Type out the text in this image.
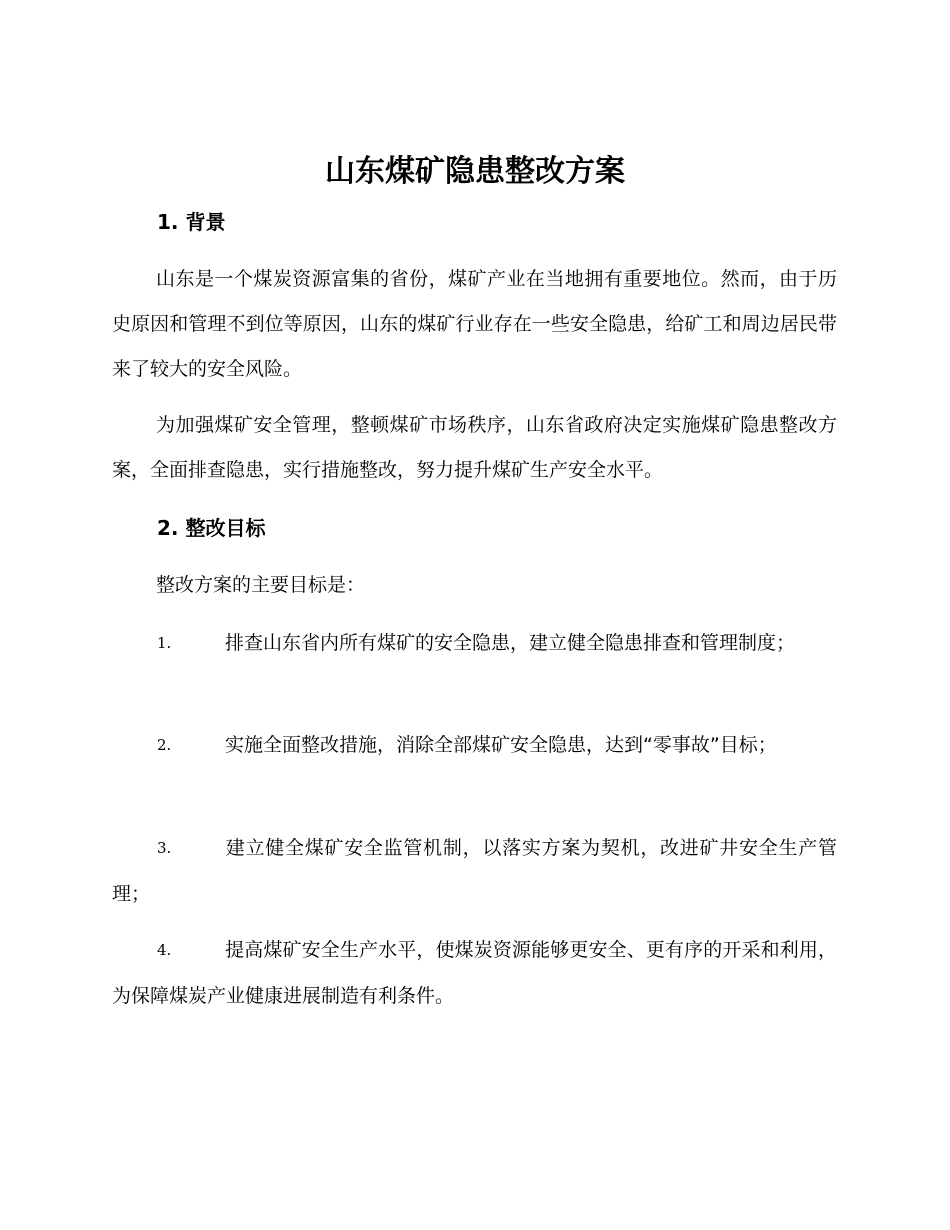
山东煤矿隐患整改方案
1. 背景

山东是一个煤炭资源富集的省份，煤矿产业在当地拥有重要地位。然而，由于历史原因和管理不到位等原因，山东的煤矿行业存在一些安全隐患，给矿工和周边居民带来了较大的安全风险。

为加强煤矿安全管理，整顿煤矿市场秩序，山东省政府决定实施煤矿隐患整改方案，全面排查隐患，实行措施整改，努力提升煤矿生产安全水平。

2. 整改目标

整改方案的主要目标是：

1.	排查山东省内所有煤矿的安全隐患，建立健全隐患排查和管理制度；

2.	实施全面整改措施，消除全部煤矿安全隐患，达到“零事故”目标；

3.	建立健全煤矿安全监管机制，以落实方案为契机，改进矿井安全生产管理；

4.	提高煤矿安全生产水平，使煤炭资源能够更安全、更有序的开采和利用，为保障煤炭产业健康进展制造有利条件。
